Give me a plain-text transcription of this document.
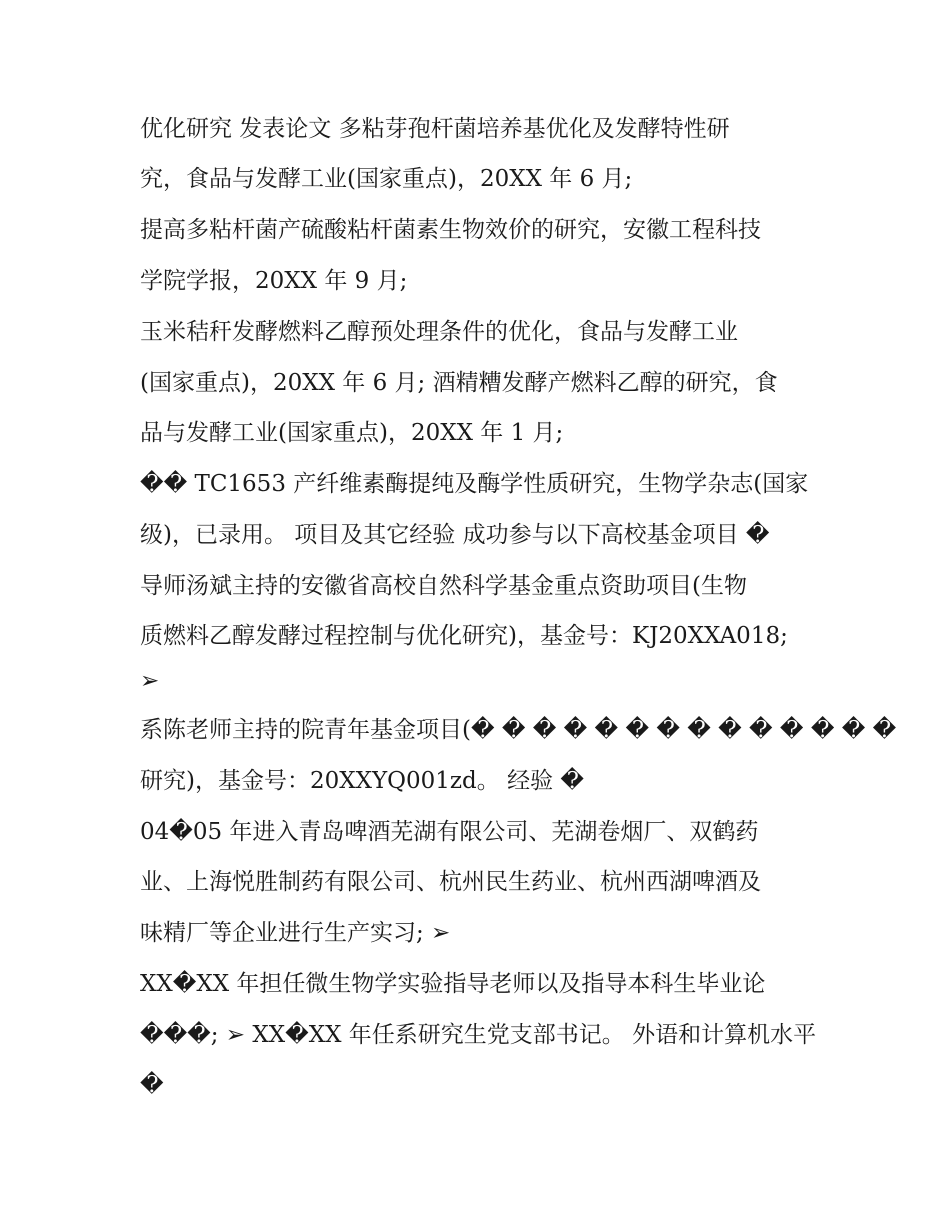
优化研究 发表论文 多粘芽孢杆菌培养基优化及发酵特性研
究，食品与发酵工业(国家重点)，20XX 年 6 月;
提高多粘杆菌产硫酸粘杆菌素生物效价的研究，安徽工程科技
学院学报，20XX 年 9 月;
玉米秸秆发酵燃料乙醇预处理条件的优化，食品与发酵工业
(国家重点)，20XX 年 6 月; 酒精糟发酵产燃料乙醇的研究，食
品与发酵工业(国家重点)，20XX 年 1 月;
�� TC1653 产纤维素酶提纯及酶学性质研究，生物学杂志(国家
级)，已录用。 项目及其它经验 成功参与以下高校基金项目 �
导师汤斌主持的安徽省高校自然科学基金重点资助项目(生物
质燃料乙醇发酵过程控制与优化研究)，基金号：KJ20XXA018;
➢
系陈老师主持的院青年基金项目(� � � � � � � � � � � � � �
研究)，基金号：20XXYQ001zd。 经验 �
04�05 年进入青岛啤酒芜湖有限公司、芜湖卷烟厂、双鹤药
业、上海悦胜制药有限公司、杭州民生药业、杭州西湖啤酒及
味精厂等企业进行生产实习; ➢
XX�XX 年担任微生物学实验指导老师以及指导本科生毕业论
���; ➢ XX�XX 年任系研究生党支部书记。 外语和计算机水平
�
